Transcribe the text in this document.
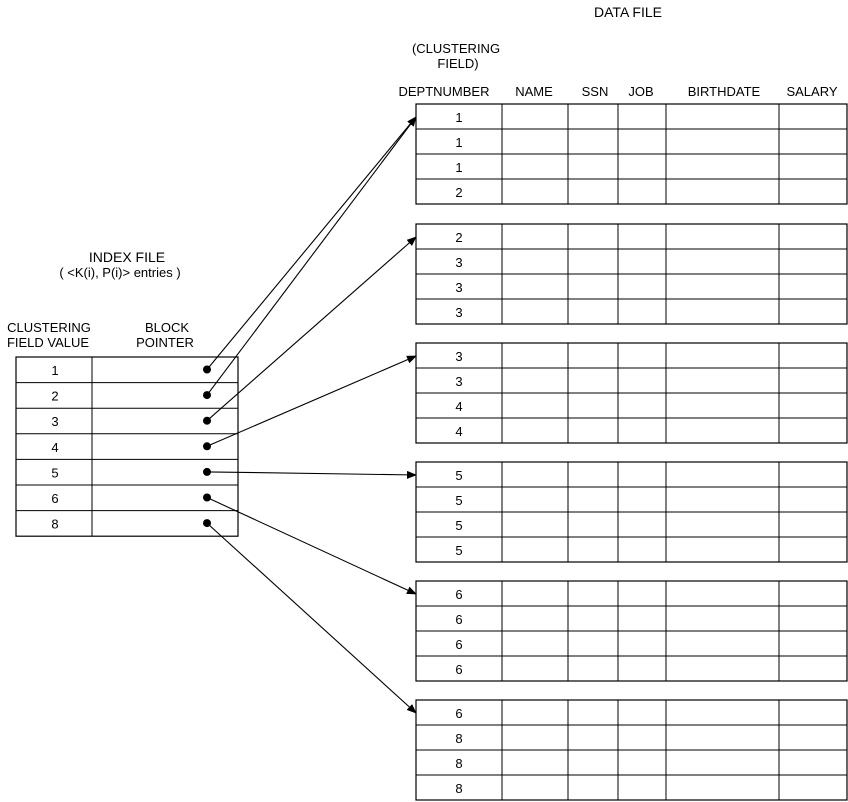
DATA FILE
(CLUSTERING
FIELD)
DEPTNUMBER NAME SSN JOB	BIRTHDATE SALARY
INDEX FILE
( <K(i), P(i)> entries )
CLUSTERING
FIELD VALUE
BLOCK
POINTER
1
1
1
2
2
3
3
3
3
3
4
4
5
5
5
5
6
6
6
6
6
8
8
8
1
2
3
4
5
6
8
